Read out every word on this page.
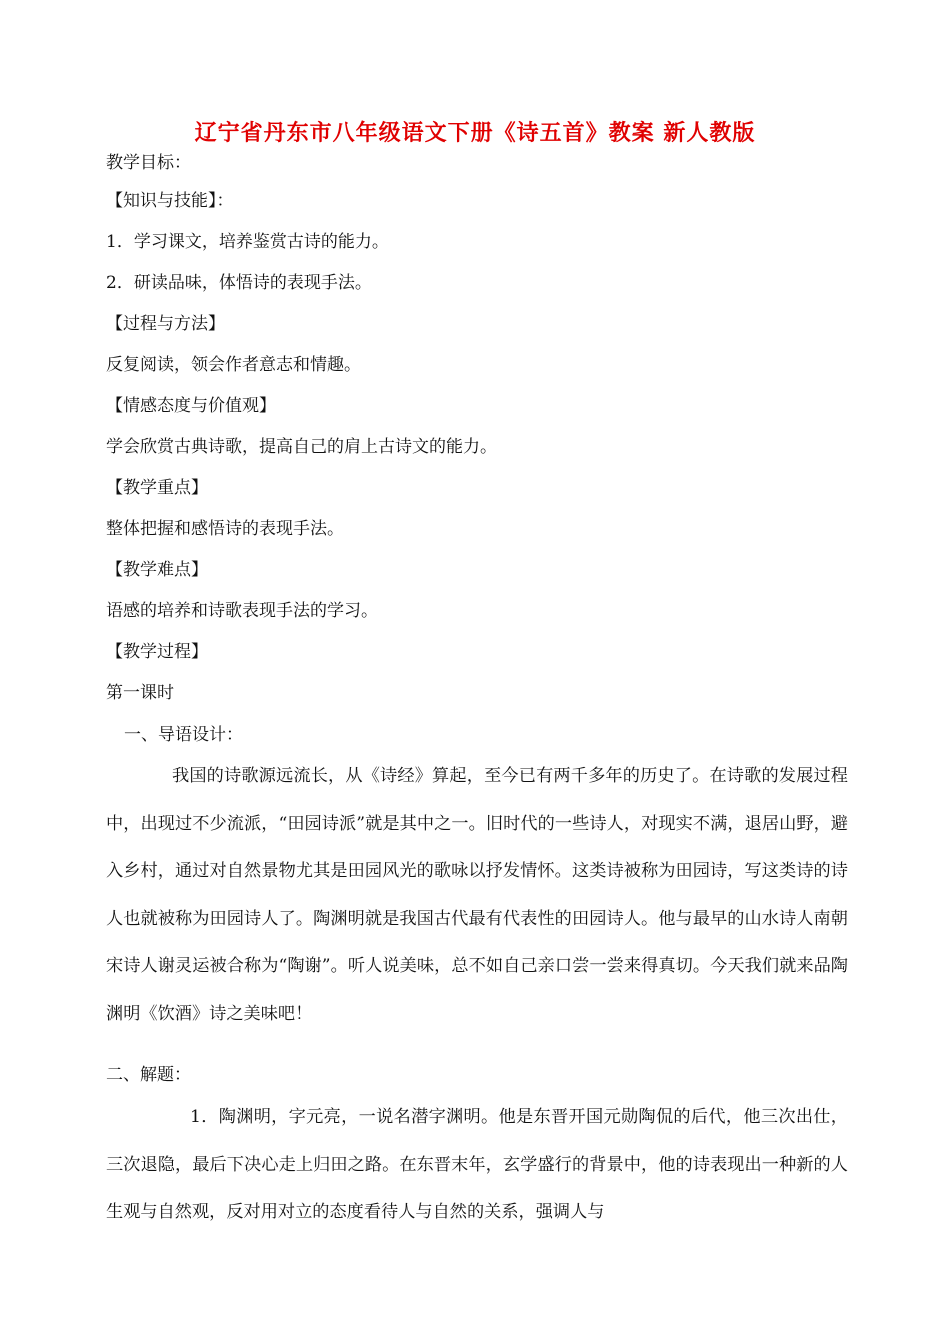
辽宁省丹东市八年级语文下册《诗五首》教案 新人教版
教学目标：
【知识与技能】：
1．学习课文，培养鉴赏古诗的能力。
2．研读品味，体悟诗的表现手法。
【过程与方法】
反复阅读，领会作者意志和情趣。
【情感态度与价值观】
学会欣赏古典诗歌，提高自己的肩上古诗文的能力。
【教学重点】
整体把握和感悟诗的表现手法。
【教学难点】
语感的培养和诗歌表现手法的学习。
【教学过程】
第一课时
一、导语设计：
我国的诗歌源远流长，从《诗经》算起，至今已有两千多年的历史了。在诗歌的发展过程中，出现过不少流派，“田园诗派”就是其中之一。旧时代的一些诗人，对现实不满，退居山野，避入乡村，通过对自然景物尤其是田园风光的歌咏以抒发情怀。这类诗被称为田园诗，写这类诗的诗人也就被称为田园诗人了。陶渊明就是我国古代最有代表性的田园诗人。他与最早的山水诗人南朝宋诗人谢灵运被合称为“陶谢”。听人说美味，总不如自己亲口尝一尝来得真切。今天我们就来品陶渊明《饮酒》诗之美味吧！
二、解题：
1．陶渊明，字元亮，一说名潜字渊明。他是东晋开国元勋陶侃的后代，他三次出仕，三次退隐，最后下决心走上归田之路。在东晋末年，玄学盛行的背景中，他的诗表现出一种新的人生观与自然观，反对用对立的态度看待人与自然的关系，强调人与
